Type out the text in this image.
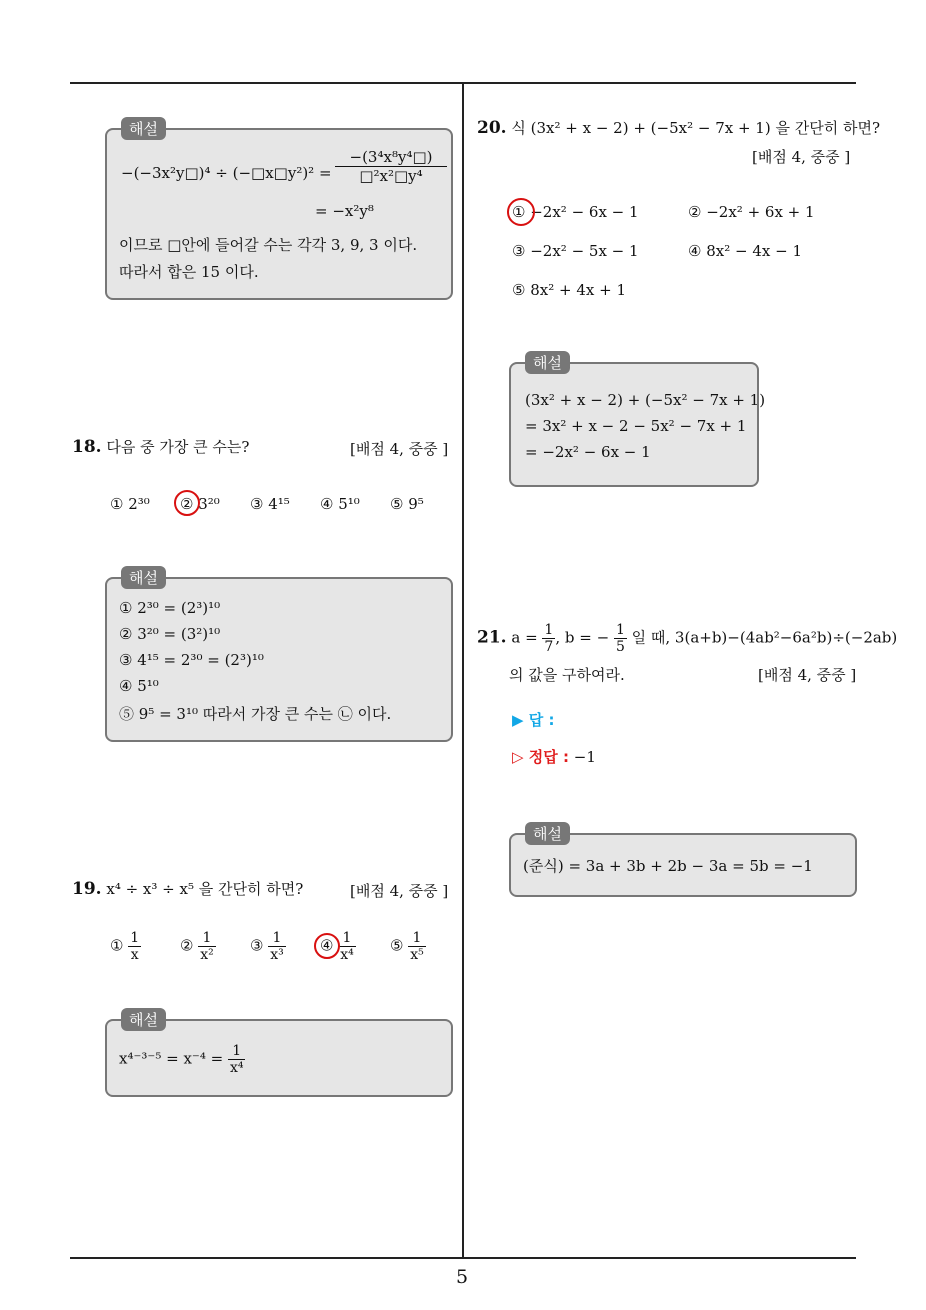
5
해설
−(−3x²y□)⁴ ÷ (−□x□y²)² =
−(3⁴x⁸y⁴□)
□²x²□y⁴
= −x²y⁸
이므로 □안에 들어갈 수는 각각 3, 9, 3 이다.
따라서 합은 15 이다.
18. 다음 중 가장 큰 수는?	[배점 4, 중중 ]
① 2³⁰ ② 3²⁰ ③ 4¹⁵ ④ 5¹⁰ ⑤ 9⁵
해설
① 2³⁰ = (2³)¹⁰
② 3²⁰ = (3²)¹⁰
③ 4¹⁵ = 2³⁰ = (2³)¹⁰
④ 5¹⁰
⑤ 9⁵ = 3¹⁰ 따라서 가장 큰 수는 ㉡ 이다.
19. x⁴ ÷ x³ ÷ x⁵ 을 간단히 하면?	[배점 4, 중중 ]
① $\frac{1}{x}$	② $\frac{1}{\text{x²}}$ ③ $\frac{1}{\text{x³}}$ ④ $\frac{1}{\text{x⁴}}$ ⑤ $\frac{1}{\text{x⁵}}$
해설
$x^{4-3-5} = x^{-4} = \frac{1}{\text{x⁴}}$
20. 식 (3x² + x − 2) + (−5x² − 7x + 1) 을 간단히 하면?
[배점 4, 중중 ]
① −2x² − 6x − 1	② −2x² + 6x + 1
③ −2x² − 5x − 1	④ 8x² − 4x − 1
⑤ 8x² + 4x + 1
해설
(3x² + x − 2) + (−5x² − 7x + 1)
= 3x² + x − 2 − 5x² − 7x + 1
= −2x² − 6x − 1
21. $a = \frac{1}{7}$ , b = − $\frac{1}{5}$ 일 때, 3(a+b)−(4ab²−6a²b)÷(−2ab)
의 값을 구하여라.	[배점 4, 중중 ]
▶ 답 :
▷ 정답 : −1
해설
(준식) = 3a + 3b + 2b − 3a = 5b = −1
